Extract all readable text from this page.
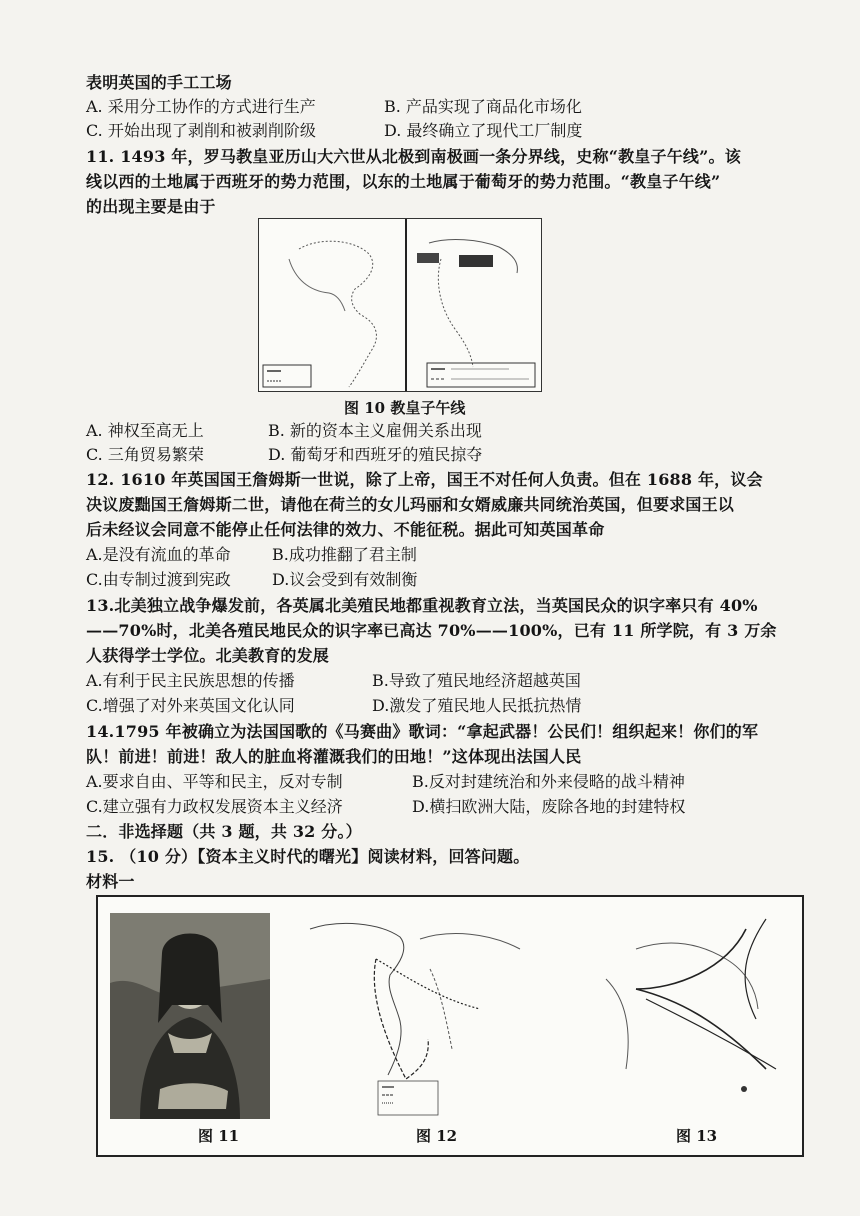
表明英国的手工工场
A. 采用分工协作的方式进行生产	B. 产品实现了商品化市场化
C. 开始出现了剥削和被剥削阶级	D. 最终确立了现代工厂制度
11. 1493 年，罗马教皇亚历山大六世从北极到南极画一条分界线，史称“教皇子午线”。该
线以西的土地属于西班牙的势力范围，以东的土地属于葡萄牙的势力范围。“教皇子午线”
的出现主要是由于
图 10 教皇子午线
A. 神权至高无上	B. 新的资本主义雇佣关系出现
C. 三角贸易繁荣	D. 葡萄牙和西班牙的殖民掠夺
12. 1610 年英国国王詹姆斯一世说，除了上帝，国王不对任何人负责。但在 1688 年，议会
决议废黜国王詹姆斯二世，请他在荷兰的女儿玛丽和女婿威廉共同统治英国，但要求国王以
后未经议会同意不能停止任何法律的效力、不能征税。据此可知英国革命
A.是没有流血的革命	B.成功推翻了君主制
C.由专制过渡到宪政	D.议会受到有效制衡
13.北美独立战争爆发前，各英属北美殖民地都重视教育立法，当英国民众的识字率只有 40%
——70%时，北美各殖民地民众的识字率已高达 70%——100%，已有 11 所学院，有 3 万余
人获得学士学位。北美教育的发展
A.有利于民主民族思想的传播	B.导致了殖民地经济超越英国
C.增强了对外来英国文化认同	D.激发了殖民地人民抵抗热情
14.1795 年被确立为法国国歌的《马赛曲》歌词：“拿起武器！公民们！组织起来！你们的军
队！前进！前进！敌人的脏血将灌溉我们的田地！”这体现出法国人民
A.要求自由、平等和民主，反对专制	B.反对封建统治和外来侵略的战斗精神
C.建立强有力政权发展资本主义经济	D.横扫欧洲大陆，废除各地的封建特权
二．非选择题（共 3 题，共 32 分。）
15. （10 分）【资本主义时代的曙光】阅读材料，回答问题。
材料一
图 11	图 12	图 13
